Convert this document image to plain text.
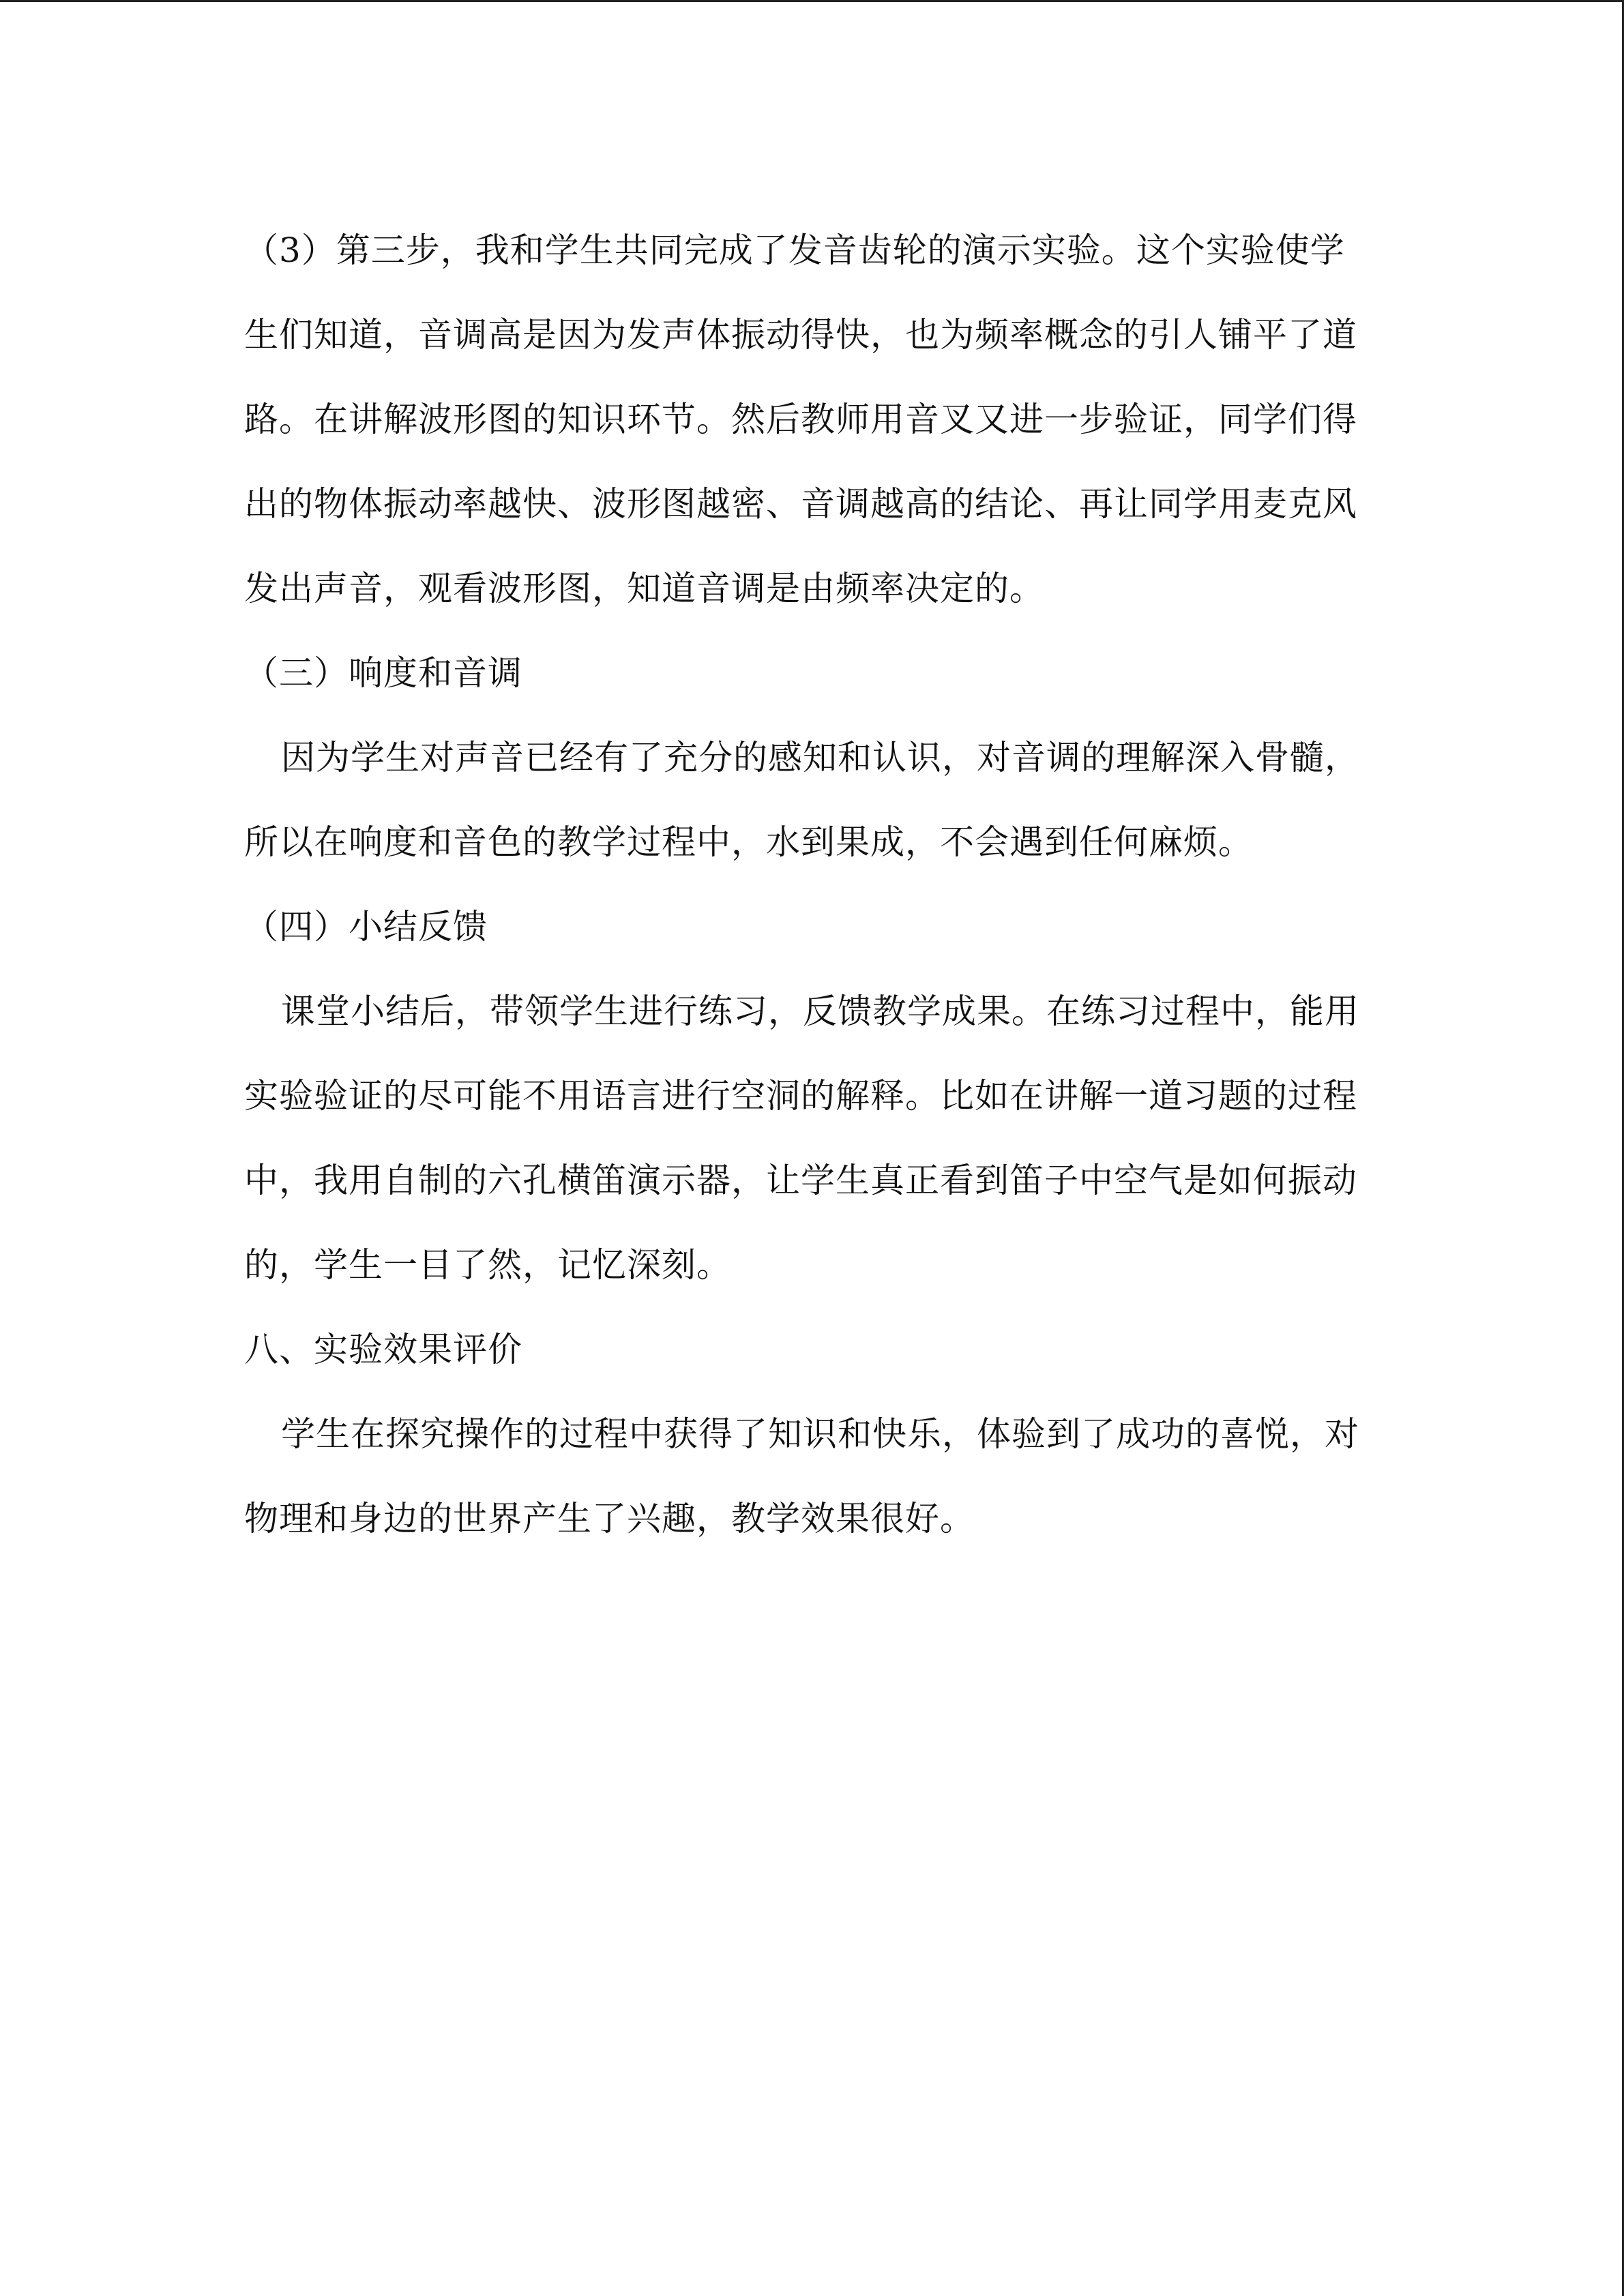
（3）第三步，我和学生共同完成了发音齿轮的演示实验。这个实验使学生们知道，音调高是因为发声体振动得快，也为频率概念的引人铺平了道路。在讲解波形图的知识环节。然后教师用音叉又进一步验证，同学们得出的物体振动率越快、波形图越密、音调越高的结论、再让同学用麦克风发出声音，观看波形图，知道音调是由频率决定的。

（三）响度和音调

因为学生对声音已经有了充分的感知和认识，对音调的理解深入骨髓，所以在响度和音色的教学过程中，水到果成，不会遇到任何麻烦。

（四）小结反馈

课堂小结后，带领学生进行练习，反馈教学成果。在练习过程中，能用实验验证的尽可能不用语言进行空洞的解释。比如在讲解一道习题的过程中，我用自制的六孔横笛演示器，让学生真正看到笛子中空气是如何振动的，学生一目了然，记忆深刻。

八、实验效果评价

学生在探究操作的过程中获得了知识和快乐，体验到了成功的喜悦，对物理和身边的世界产生了兴趣，教学效果很好。
